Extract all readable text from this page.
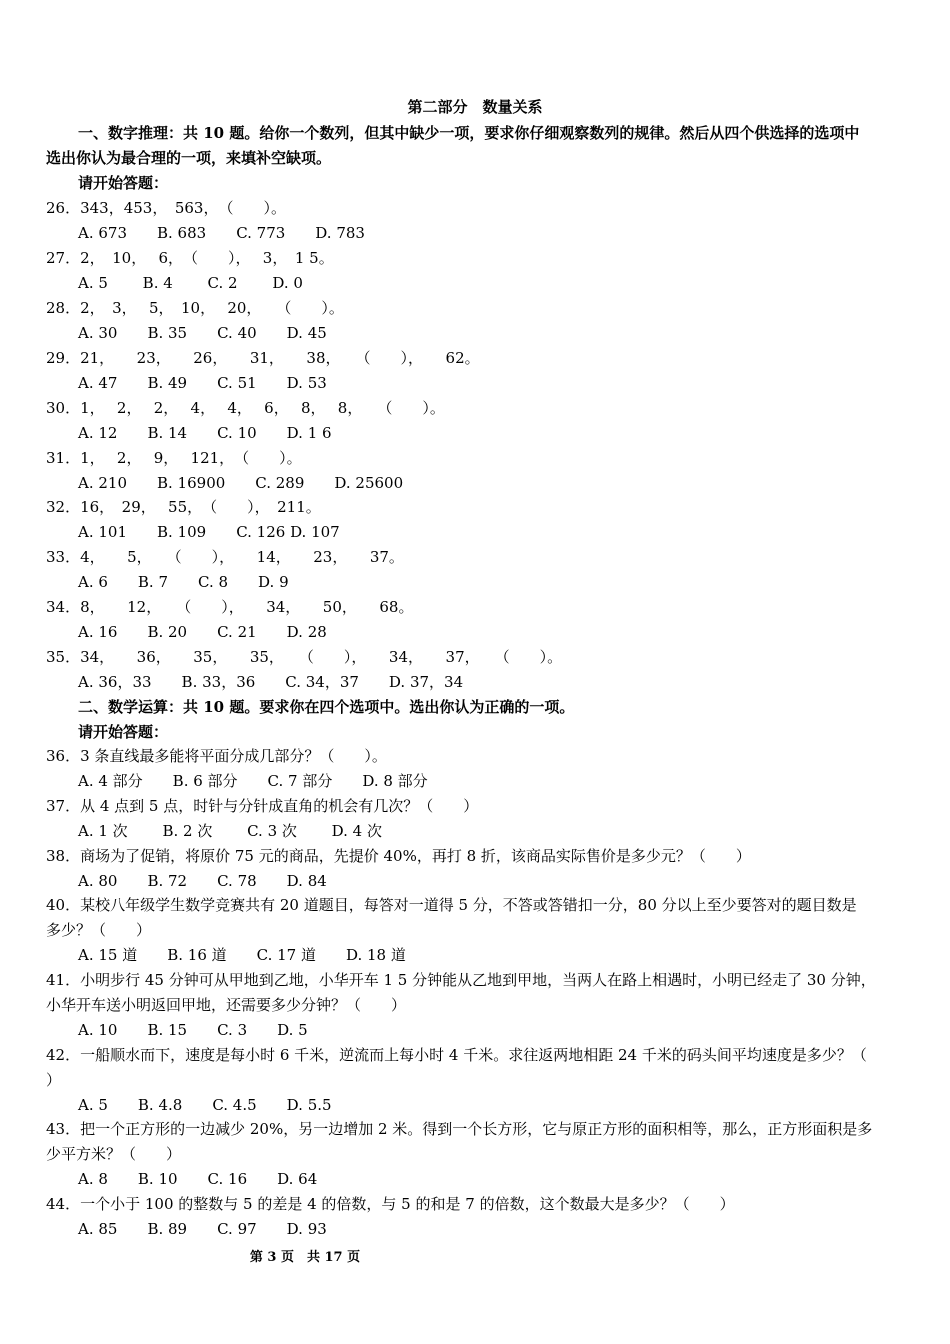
第二部分　数量关系
一、数字推理：共 10 题。给你一个数列，但其中缺少一项，要求你仔细观察数列的规律。然后从四个供选择的选项中
选出你认为最合理的一项，来填补空缺项。
请开始答题：
26．343，453，　563，　（　　）。
A. 673　　B. 683　　C. 773　　D. 783
27．2，　10，　 6，　（　　），　 3，　1 5。
A. 5　　 B. 4　　 C. 2　　 D. 0
28．2，　3，　 5，　10，　 20，　　（　　）。
A. 30　　B. 35　　C. 40　　D. 45
29．21，　　23，　　26，　　31，　　38，　　（　　），　　62。
A. 47　　B. 49　　C. 51　　D. 53
30．1，　 2，　 2，　 4，　 4，　 6，　 8，　 8，　　（　　）。
A. 12　　B. 14　　C. 10　　D. 1 6
31．1，　 2，　 9，　 121，　（　　）。
A. 210　　B. 16900　　C. 289　　D. 25600
32．16，　29，　 55，　（　　），　211。
A. 101　　B. 109　　C. 126 D. 107
33．4，　　5，　　（　　），　　14，　　23，　　37。
A. 6　　B. 7　　C. 8　　D. 9
34．8，　　12，　　（　　），　　34，　　50，　　68。
A. 16　　B. 20　　C. 21　　D. 28
35．34，　　36，　　35，　　35，　　（　　），　　34，　　37，　　（　　）。
A. 36，33　　B. 33，36　　C. 34，37　　D. 37，34
二、数学运算：共 10 题。要求你在四个选项中。选出你认为正确的一项。
请开始答题：
36．3 条直线最多能将平面分成几部分？（　　）。
A. 4 部分　　B. 6 部分　　C. 7 部分　　D. 8 部分
37．从 4 点到 5 点，时针与分针成直角的机会有几次？（　　）
A. 1 次　　 B. 2 次　　 C. 3 次　　 D. 4 次
38．商场为了促销，将原价 75 元的商品，先提价 40%，再打 8 折，该商品实际售价是多少元？（　　）
A. 80　　B. 72　　C. 78　　D. 84
40．某校八年级学生数学竞赛共有 20 道题目，每答对一道得 5 分，不答或答错扣一分，80 分以上至少要答对的题目数是
多少？（　　）
A. 15 道　　B. 16 道　　C. 17 道　　D. 18 道
41．小明步行 45 分钟可从甲地到乙地，小华开车 1 5 分钟能从乙地到甲地，当两人在路上相遇时，小明已经走了 30 分钟，
小华开车送小明返回甲地，还需要多少分钟？（　　）
A. 10　　B. 15　　C. 3　　D. 5
42．一船顺水而下，速度是每小时 6 千米，逆流而上每小时 4 千米。求往返两地相距 24 千米的码头间平均速度是多少？（
）
A. 5　　B. 4.8　　C. 4.5　　D. 5.5
43．把一个正方形的一边减少 20%，另一边增加 2 米。得到一个长方形，它与原正方形的面积相等，那么，正方形面积是多
少平方米？（　　）
A. 8　　B. 10　　C. 16　　D. 64
44．一个小于 100 的整数与 5 的差是 4 的倍数，与 5 的和是 7 的倍数，这个数最大是多少？（　　）
A. 85　　B. 89　　C. 97　　D. 93
第 3 页　共 17 页
